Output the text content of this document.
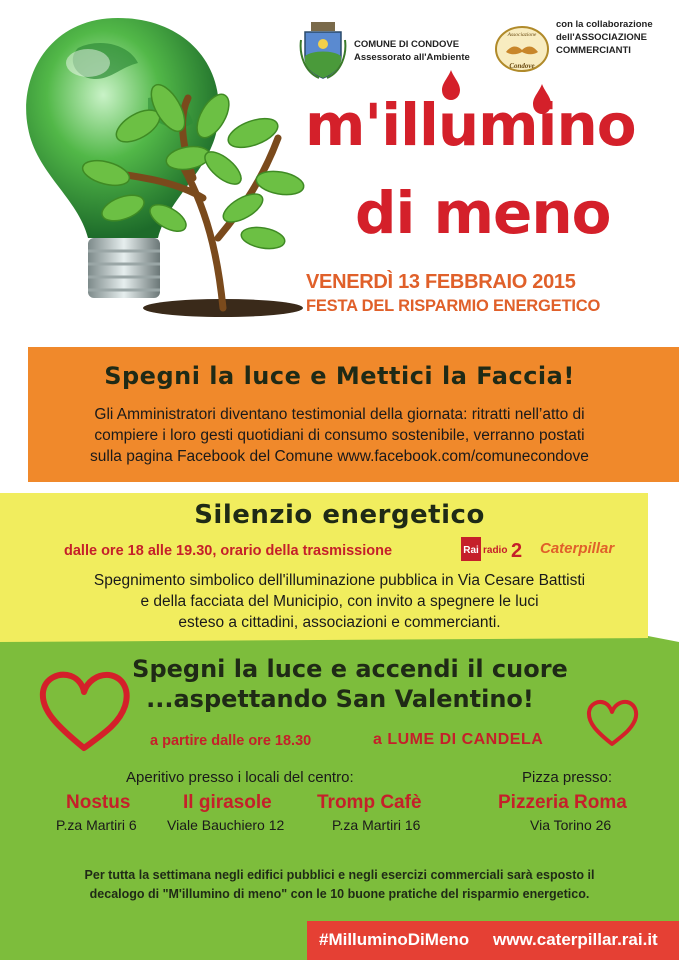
COMUNE DI CONDOVE
Assessorato all'Ambiente
Associazione
Condove
con la collaborazione
dell'ASSOCIAZIONE
COMMERCIANTI
m'illumino
di meno
VENERDÌ 13 FEBBRAIO 2015
FESTA DEL RISPARMIO ENERGETICO
Spegni la luce e Mettici la Faccia!
Gli Amministratori diventano testimonial della giornata: ritratti nell’atto di
compiere i loro gesti quotidiani di consumo sostenibile, verranno postati
sulla pagina Facebook del Comune www.facebook.com/comunecondove
Silenzio energetico
dalle ore 18 alle 19.30, orario della trasmissione	Rai radio 2 Caterpillar
Spegnimento simbolico dell'illuminazione pubblica in Via Cesare Battisti
e della facciata del Municipio, con invito a spegnere le luci
esteso a cittadini, associazioni e commercianti.
Spegni la luce e accendi il cuore
...aspettando San Valentino!
a partire dalle ore 18.30	a LUME DI CANDELA
Aperitivo presso i locali del centro:	Pizza presso:
Nostus
P.za Martiri 6
Il girasole
Viale Bauchiero 12
Tromp Cafè
P.za Martiri 16
Pizzeria Roma
Via Torino 26
Per tutta la settimana negli edifici pubblici e negli esercizi commerciali sarà esposto il
decalogo di "M'illumino di meno" con le 10 buone pratiche del risparmio energetico.
#MilluminoDiMeno www.caterpillar.rai.it
